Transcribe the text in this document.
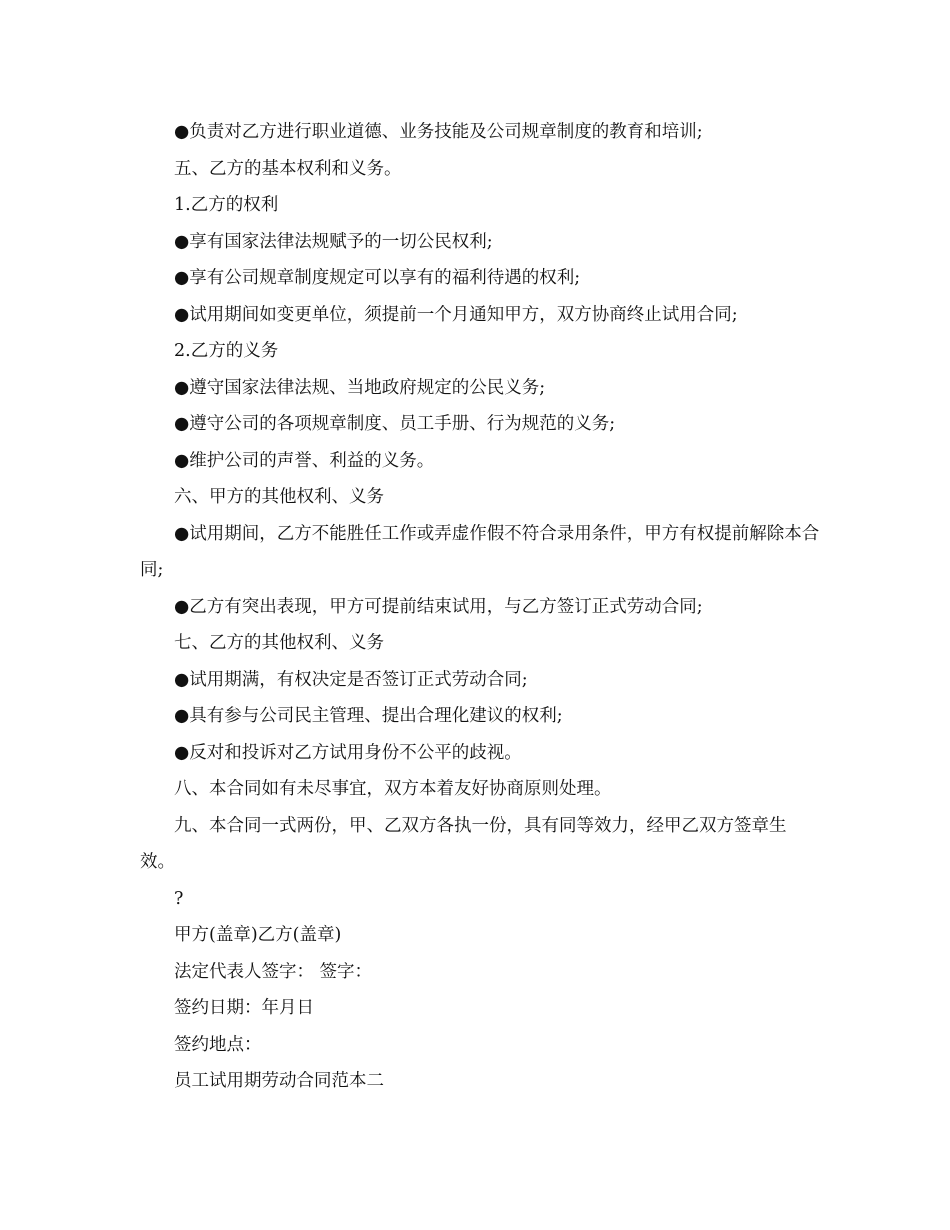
●负责对乙方进行职业道德、业务技能及公司规章制度的教育和培训;

五、乙方的基本权利和义务。

1.乙方的权利

●享有国家法律法规赋予的一切公民权利;

●享有公司规章制度规定可以享有的福利待遇的权利;

●试用期间如变更单位，须提前一个月通知甲方，双方协商终止试用合同;

2.乙方的义务

●遵守国家法律法规、当地政府规定的公民义务;

●遵守公司的各项规章制度、员工手册、行为规范的义务;

●维护公司的声誉、利益的义务。

六、甲方的其他权利、义务

●试用期间，乙方不能胜任工作或弄虚作假不符合录用条件，甲方有权提前解除本合同;

●乙方有突出表现，甲方可提前结束试用，与乙方签订正式劳动合同;

七、乙方的其他权利、义务

●试用期满，有权决定是否签订正式劳动合同;

●具有参与公司民主管理、提出合理化建议的权利;

●反对和投诉对乙方试用身份不公平的歧视。

八、本合同如有未尽事宜，双方本着友好协商原则处理。

九、本合同一式两份，甲、乙双方各执一份，具有同等效力，经甲乙双方签章生效。

?

甲方(盖章)乙方(盖章)

法定代表人签字： 签字：

签约日期：年月日

签约地点：

员工试用期劳动合同范本二
